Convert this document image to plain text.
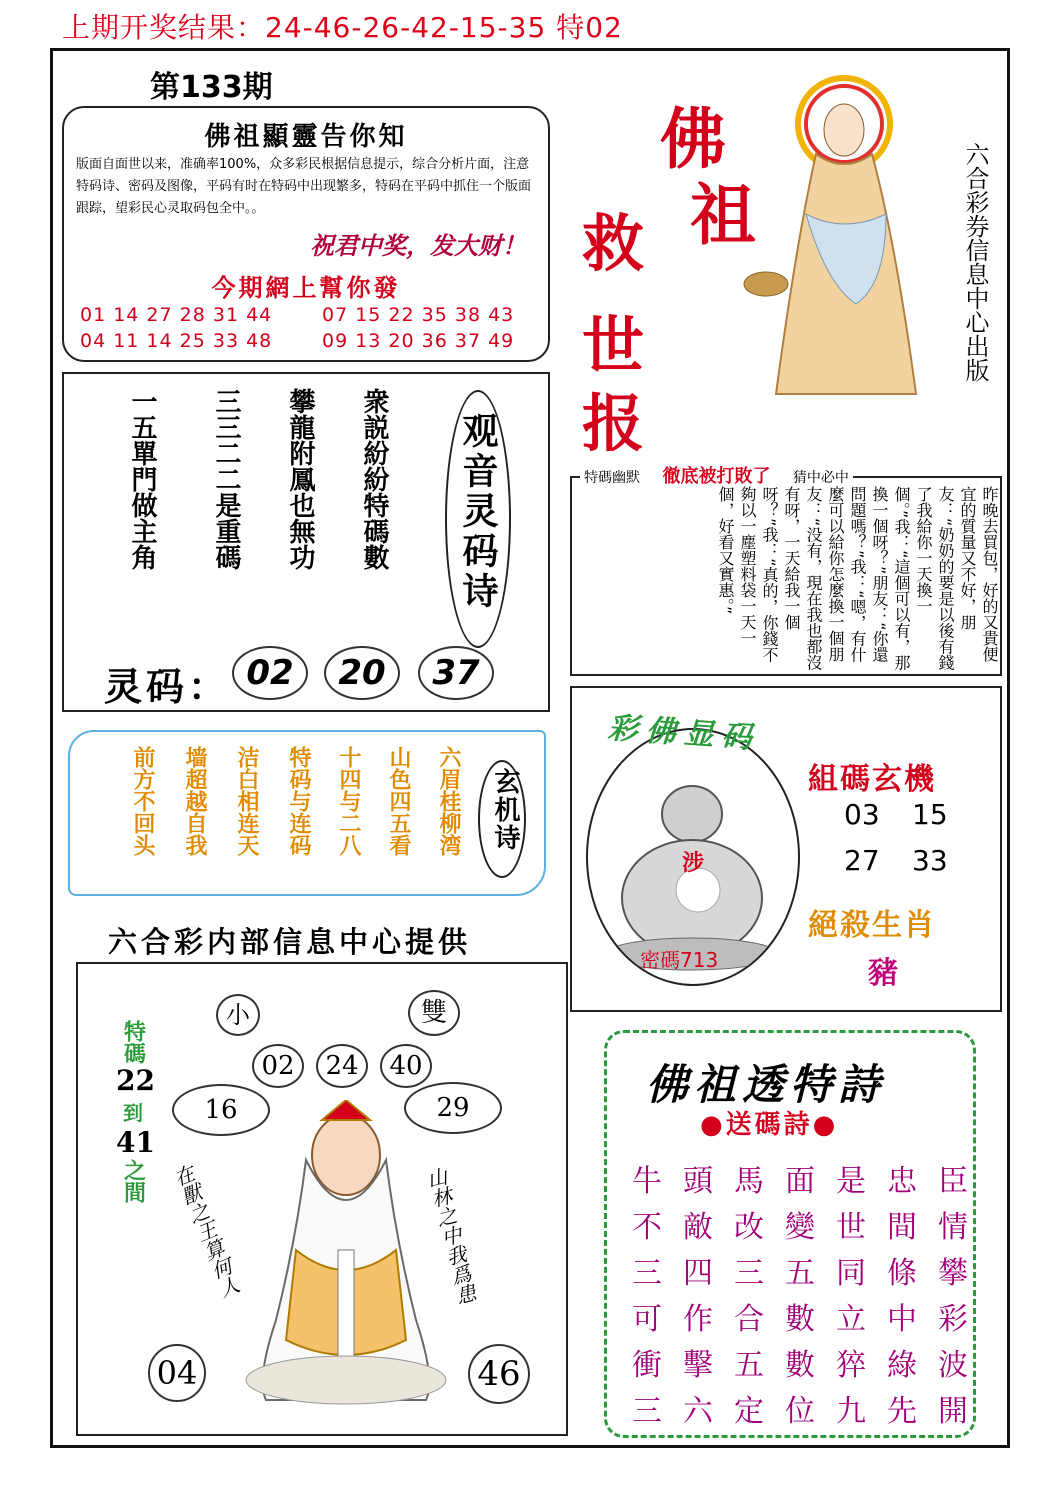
上期开奖结果：24-46-26-42-15-35 特02
第133期
佛祖顯靈告你知
版面自面世以来，准确率100%，众多彩民根据信息提示，综合分析片面，注意特码诗、密码及图像，平码有时在特码中出现繁多，特码在平码中抓住一个版面跟踪，望彩民心灵取码包全中。。
祝君中奖，发大财！
今期網上幫你發
01 14 27 28 31 44	07 15 22 35 38 43
04 11 14 25 33 48	09 13 20 36 37 49
一五單門做主角	三三二二是重碼	攀龍附鳳也無功	衆説紛紛特碼數 观音灵码诗
灵码： 02	20	37
前方不回头	墙超越自我	洁白相连天	特码与连码	十四与二八	山色四五看	六眉桂柳湾 玄机诗
六合彩内部信息中心提供
小	雙
02	24	40
16	29
04	46
特碼
22
到
41
之間 在獸之王算何人	山林之中我爲患
佛
祖
救
世
报
六合彩券信息中心出版
特碼幽默 徹底被打敗了 猜中必中
昨晚去買包，好的又貴便宜的質量又不好，朋友：“奶奶的要是以後有錢了我給你一天換一個。”我：“這個可以有，那換一個呀？”朋友：“你還問題嗎？”我：“嗯，有什麼可以給你怎麼換一個朋友：“没有，現在我也都沒有呀，一天給我一個呀？”我：“真的，你錢不夠以一塵塑料袋一天一個，好看又實惠。”
彩佛显码
涉
密碼713
組碼玄機
03 15
27 33
絕殺生肖
豬
佛祖透特詩
●送碼詩●
牛頭馬面是忠臣
不敵改變世間情
三四三五同條攀
可作合數立中彩
衝擊五數猝綠波
三六定位九先開
